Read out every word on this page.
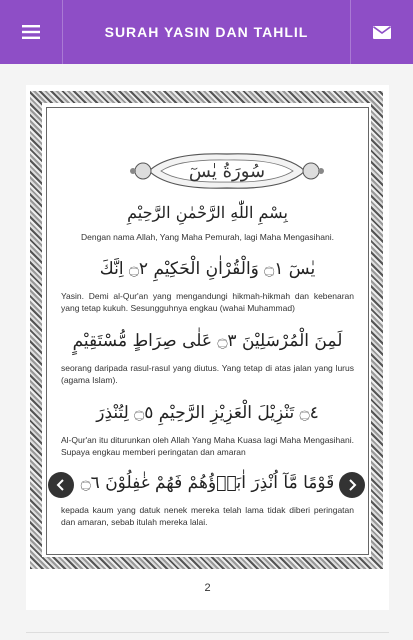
SURAH YASIN DAN TAHLIL
سُورَةُ يٰسٓ
بِسْمِ اللّٰهِ الرَّحْمٰنِ الرَّحِيْمِ
Dengan nama Allah, Yang Maha Pemurah, lagi Maha Mengasihani.
يٰسٓ ۝١ وَالْقُرْاٰنِ الْحَكِيْمِ ۝٢ اِنَّكَ
Yasin. Demi al-Qur'an yang mengandungi hikmah-hikmah dan kebenaran yang tetap kukuh. Sesungguhnya engkau (wahai Muhammad)
لَمِنَ الْمُرْسَلِيْنَ ۝٣ عَلٰى صِرَاطٍ مُّسْتَقِيْمٍ
seorang daripada rasul-rasul yang diutus. Yang tetap di atas jalan yang lurus (agama Islam).
۝٤ تَنْزِيْلَ الْعَزِيْزِ الرَّحِيْمِ ۝٥ لِتُنْذِرَ
Al-Qur'an itu diturunkan oleh Allah Yang Maha Kuasa lagi Maha Mengasihani. Supaya engkau memberi peringatan dan amaran
قَوْمًا مَّآ اُنْذِرَ اٰبَاۤؤُهُمْ فَهُمْ غٰفِلُوْنَ ۝٦
kepada kaum yang datuk nenek mereka telah lama tidak diberi peringatan dan amaran, sebab itulah mereka lalai.
2
